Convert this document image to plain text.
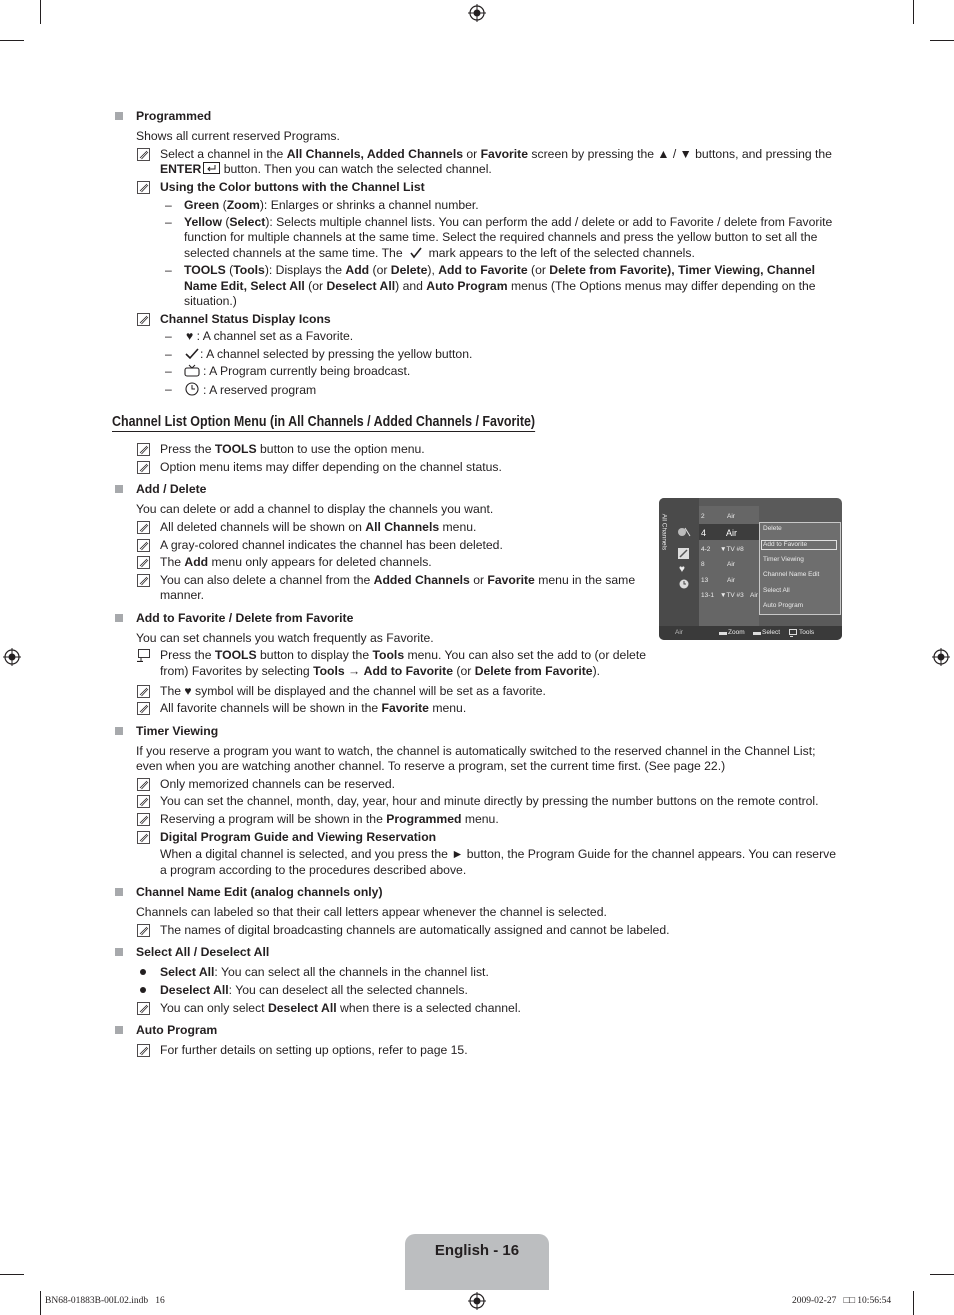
Programmed
Shows all current reserved Programs.
Select a channel in the All Channels, Added Channels or Favorite screen by pressing the ▲ / ▼ buttons, and pressing the
ENTER button. Then you can watch the selected channel.
Using the Color buttons with the Channel List
– Green (Zoom): Enlarges or shrinks a channel number.
– Yellow (Select): Selects multiple channel lists. You can perform the add / delete or add to Favorite / delete from Favorite
function for multiple channels at the same time. Select the required channels and press the yellow button to set all the
selected channels at the same time. The mark appears to the left of the selected channels.
– TOOLS (Tools): Displays the Add (or Delete), Add to Favorite (or Delete from Favorite), Timer Viewing, Channel
Name Edit, Select All (or Deselect All) and Auto Program menus (The Options menus may differ depending on the
situation.)
Channel Status Display Icons
– ♥ : A channel set as a Favorite.
–	: A channel selected by pressing the yellow button.
–	: A Program currently being broadcast.
–	: A reserved program
Channel List Option Menu (in All Channels / Added Channels / Favorite)
Press the TOOLS button to use the option menu.
Option menu items may differ depending on the channel status.
Add / Delete
You can delete or add a channel to display the channels you want.
All deleted channels will be shown on All Channels menu.
A gray-colored channel indicates the channel has been deleted.
The Add menu only appears for deleted channels.
You can also delete a channel from the Added Channels or Favorite menu in the same
manner.
All Channels
♥
2	Air
4 Air
4-2 ▼TV #8
8	Air
13	Air
13-1 ▼TV #3 Air
Delete
Add to Favorite
Timer Viewing
Channel Name Edit
Select All
Auto Program
Air	Zoom	Select	Tools
Add to Favorite / Delete from Favorite
You can set channels you watch frequently as Favorite.
Press the TOOLS button to display the Tools menu. You can also set the add to (or delete
from) Favorites by selecting Tools → Add to Favorite (or Delete from Favorite).
The ♥ symbol will be displayed and the channel will be set as a favorite.
All favorite channels will be shown in the Favorite menu.
Timer Viewing
If you reserve a program you want to watch, the channel is automatically switched to the reserved channel in the Channel List;
even when you are watching another channel. To reserve a program, set the current time first. (See page 22.)
Only memorized channels can be reserved.
You can set the channel, month, day, year, hour and minute directly by pressing the number buttons on the remote control.
Reserving a program will be shown in the Programmed menu.
Digital Program Guide and Viewing Reservation
When a digital channel is selected, and you press the ► button, the Program Guide for the channel appears. You can reserve
a program according to the procedures described above.
Channel Name Edit (analog channels only)
Channels can labeled so that their call letters appear whenever the channel is selected.
The names of digital broadcasting channels are automatically assigned and cannot be labeled.
Select All / Deselect All
Select All: You can select all the channels in the channel list.
Deselect All: You can deselect all the selected channels.
You can only select Deselect All when there is a selected channel.
Auto Program
For further details on setting up options, refer to page 15.
English - 16
BN68-01883B-00L02.indb   16	2009-02-27   □□ 10:56:54
